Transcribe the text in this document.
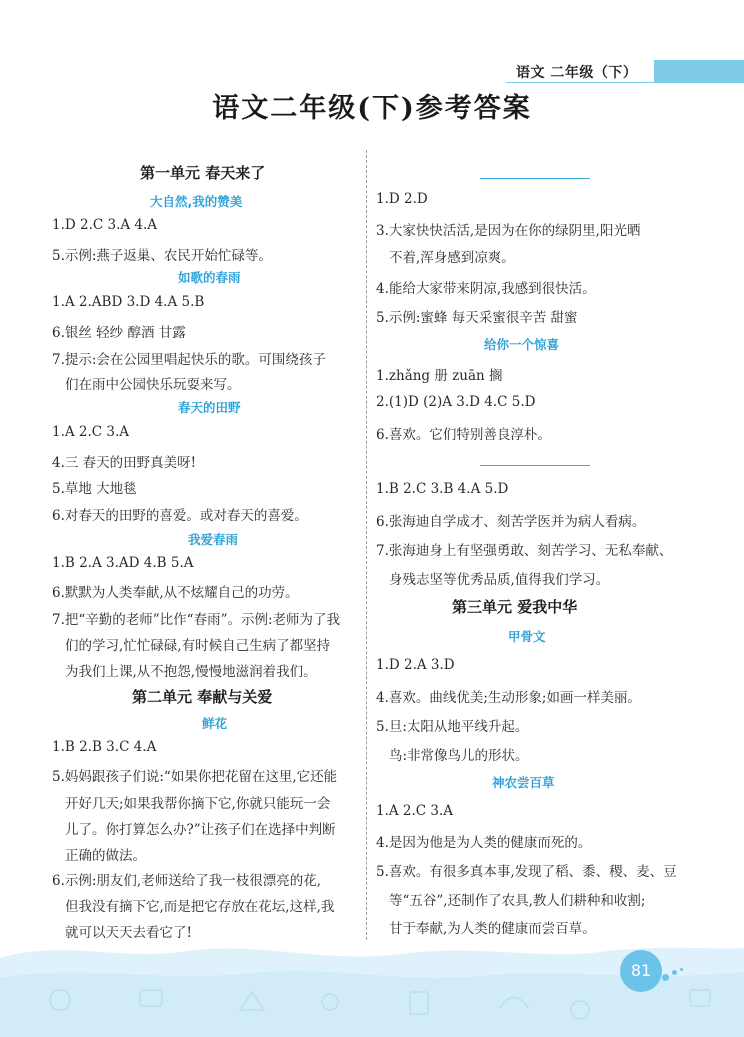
语文 二年级（下）
语文二年级(下)参考答案
第一单元 春天来了
大自然,我的赞美
1.D 2.C 3.A 4.A
5.示例:燕子返巢、农民开始忙碌等。
如歌的春雨
1.A 2.ABD 3.D 4.A 5.B
6.银丝 轻纱 醇酒 甘露
7.提示:会在公园里唱起快乐的歌。可围绕孩子
们在雨中公园快乐玩耍来写。
春天的田野
1.A 2.C 3.A
4.三 春天的田野真美呀!
5.草地 大地毯
6.对春天的田野的喜爱。或对春天的喜爱。
我爱春雨
1.B 2.A 3.AD 4.B 5.A
6.默默为人类奉献,从不炫耀自己的功劳。
7.把“辛勤的老师”比作“春雨”。示例:老师为了我
们的学习,忙忙碌碌,有时候自己生病了都坚持
为我们上课,从不抱怨,慢慢地滋润着我们。
第二单元 奉献与关爱
鲜花
1.B 2.B 3.C 4.A
5.妈妈跟孩子们说:“如果你把花留在这里,它还能
开好几天;如果我帮你摘下它,你就只能玩一会
儿了。你打算怎么办?”让孩子们在选择中判断
正确的做法。
6.示例:朋友们,老师送给了我一枝很漂亮的花,
但我没有摘下它,而是把它存放在花坛,这样,我
就可以天天去看它了!
1.D 2.D
3.大家快快活活,是因为在你的绿阴里,阳光晒
不着,浑身感到凉爽。
4.能给大家带来阴凉,我感到很快活。
5.示例:蜜蜂 每天采蜜很辛苦 甜蜜
给你一个惊喜
1.zhǎng 册 zuān 搁
2.(1)D (2)A 3.D 4.C 5.D
6.喜欢。它们特别善良淳朴。
1.B 2.C 3.B 4.A 5.D
6.张海迪自学成才、刻苦学医并为病人看病。
7.张海迪身上有坚强勇敢、刻苦学习、无私奉献、
身残志坚等优秀品质,值得我们学习。
第三单元 爱我中华
甲骨文
1.D 2.A 3.D
4.喜欢。曲线优美;生动形象;如画一样美丽。
5.旦:太阳从地平线升起。
鸟:非常像鸟儿的形状。
神农尝百草
1.A 2.C 3.A
4.是因为他是为人类的健康而死的。
5.喜欢。有很多真本事,发现了稻、黍、稷、麦、豆
等“五谷”,还制作了农具,教人们耕种和收割;
甘于奉献,为人类的健康而尝百草。
81
